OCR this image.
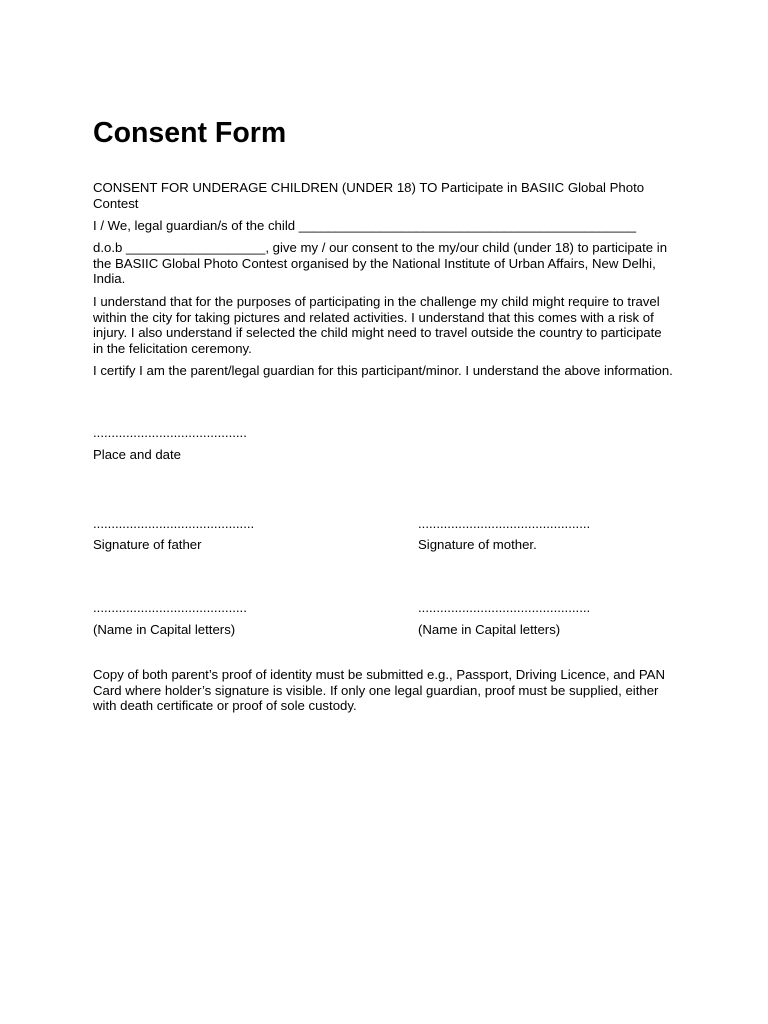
Consent Form

CONSENT FOR UNDERAGE CHILDREN (UNDER 18) TO Participate in BASIIC Global Photo Contest

I / We, legal guardian/s of the child ______________________________________________

d.o.b ___________________, give my / our consent to the my/our child (under 18) to participate in the BASIIC Global Photo Contest organised by the National Institute of Urban Affairs, New Delhi, India.

I understand that for the purposes of participating in the challenge my child might require to travel within the city for taking pictures and related activities. I understand that this comes with a risk of injury. I also understand if selected the child might need to travel outside the country to participate in the felicitation ceremony.

I certify I am the parent/legal guardian for this participant/minor. I understand the above information.

..........................................

Place and date

............................................	...............................................

Signature of father	Signature of mother.

..........................................	...............................................

(Name in Capital letters)	(Name in Capital letters)

Copy of both parent’s proof of identity must be submitted e.g., Passport, Driving Licence, and PAN Card where holder’s signature is visible. If only one legal guardian, proof must be supplied, either with death certificate or proof of sole custody.
